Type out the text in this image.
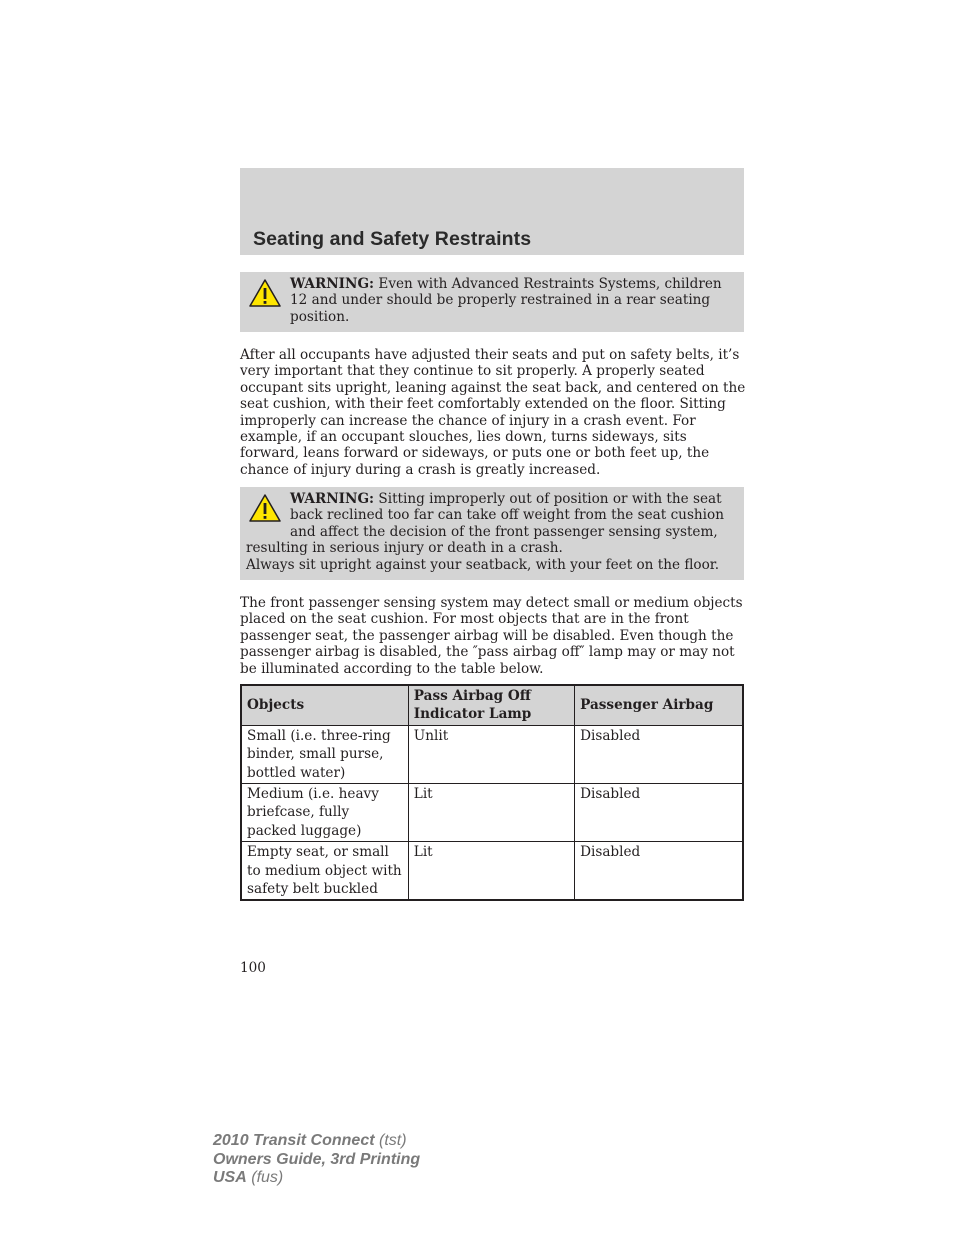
Seating and Safety Restraints
WARNING: Even with Advanced Restraints Systems, children 12 and under should be properly restrained in a rear seating position.

After all occupants have adjusted their seats and put on safety belts, it’s very important that they continue to sit properly. A properly seated occupant sits upright, leaning against the seat back, and centered on the seat cushion, with their feet comfortably extended on the floor. Sitting improperly can increase the chance of injury in a crash event. For example, if an occupant slouches, lies down, turns sideways, sits forward, leans forward or sideways, or puts one or both feet up, the chance of injury during a crash is greatly increased.

WARNING: Sitting improperly out of position or with the seat back reclined too far can take off weight from the seat cushion and affect the decision of the front passenger sensing system, resulting in serious injury or death in a crash.
Always sit upright against your seatback, with your feet on the floor.

The front passenger sensing system may detect small or medium objects placed on the seat cushion. For most objects that are in the front passenger seat, the passenger airbag will be disabled. Even though the passenger airbag is disabled, the ″pass airbag off″ lamp may or may not be illuminated according to the table below.

Objects	Pass Airbag Off Indicator Lamp	Passenger Airbag
Small (i.e. three-ring binder, small purse, bottled water)	Unlit	Disabled
Medium (i.e. heavy briefcase, fully packed luggage)	Lit	Disabled
Empty seat, or small to medium object with safety belt buckled	Lit	Disabled
100
2010 Transit Connect (tst)
Owners Guide, 3rd Printing
USA (fus)
